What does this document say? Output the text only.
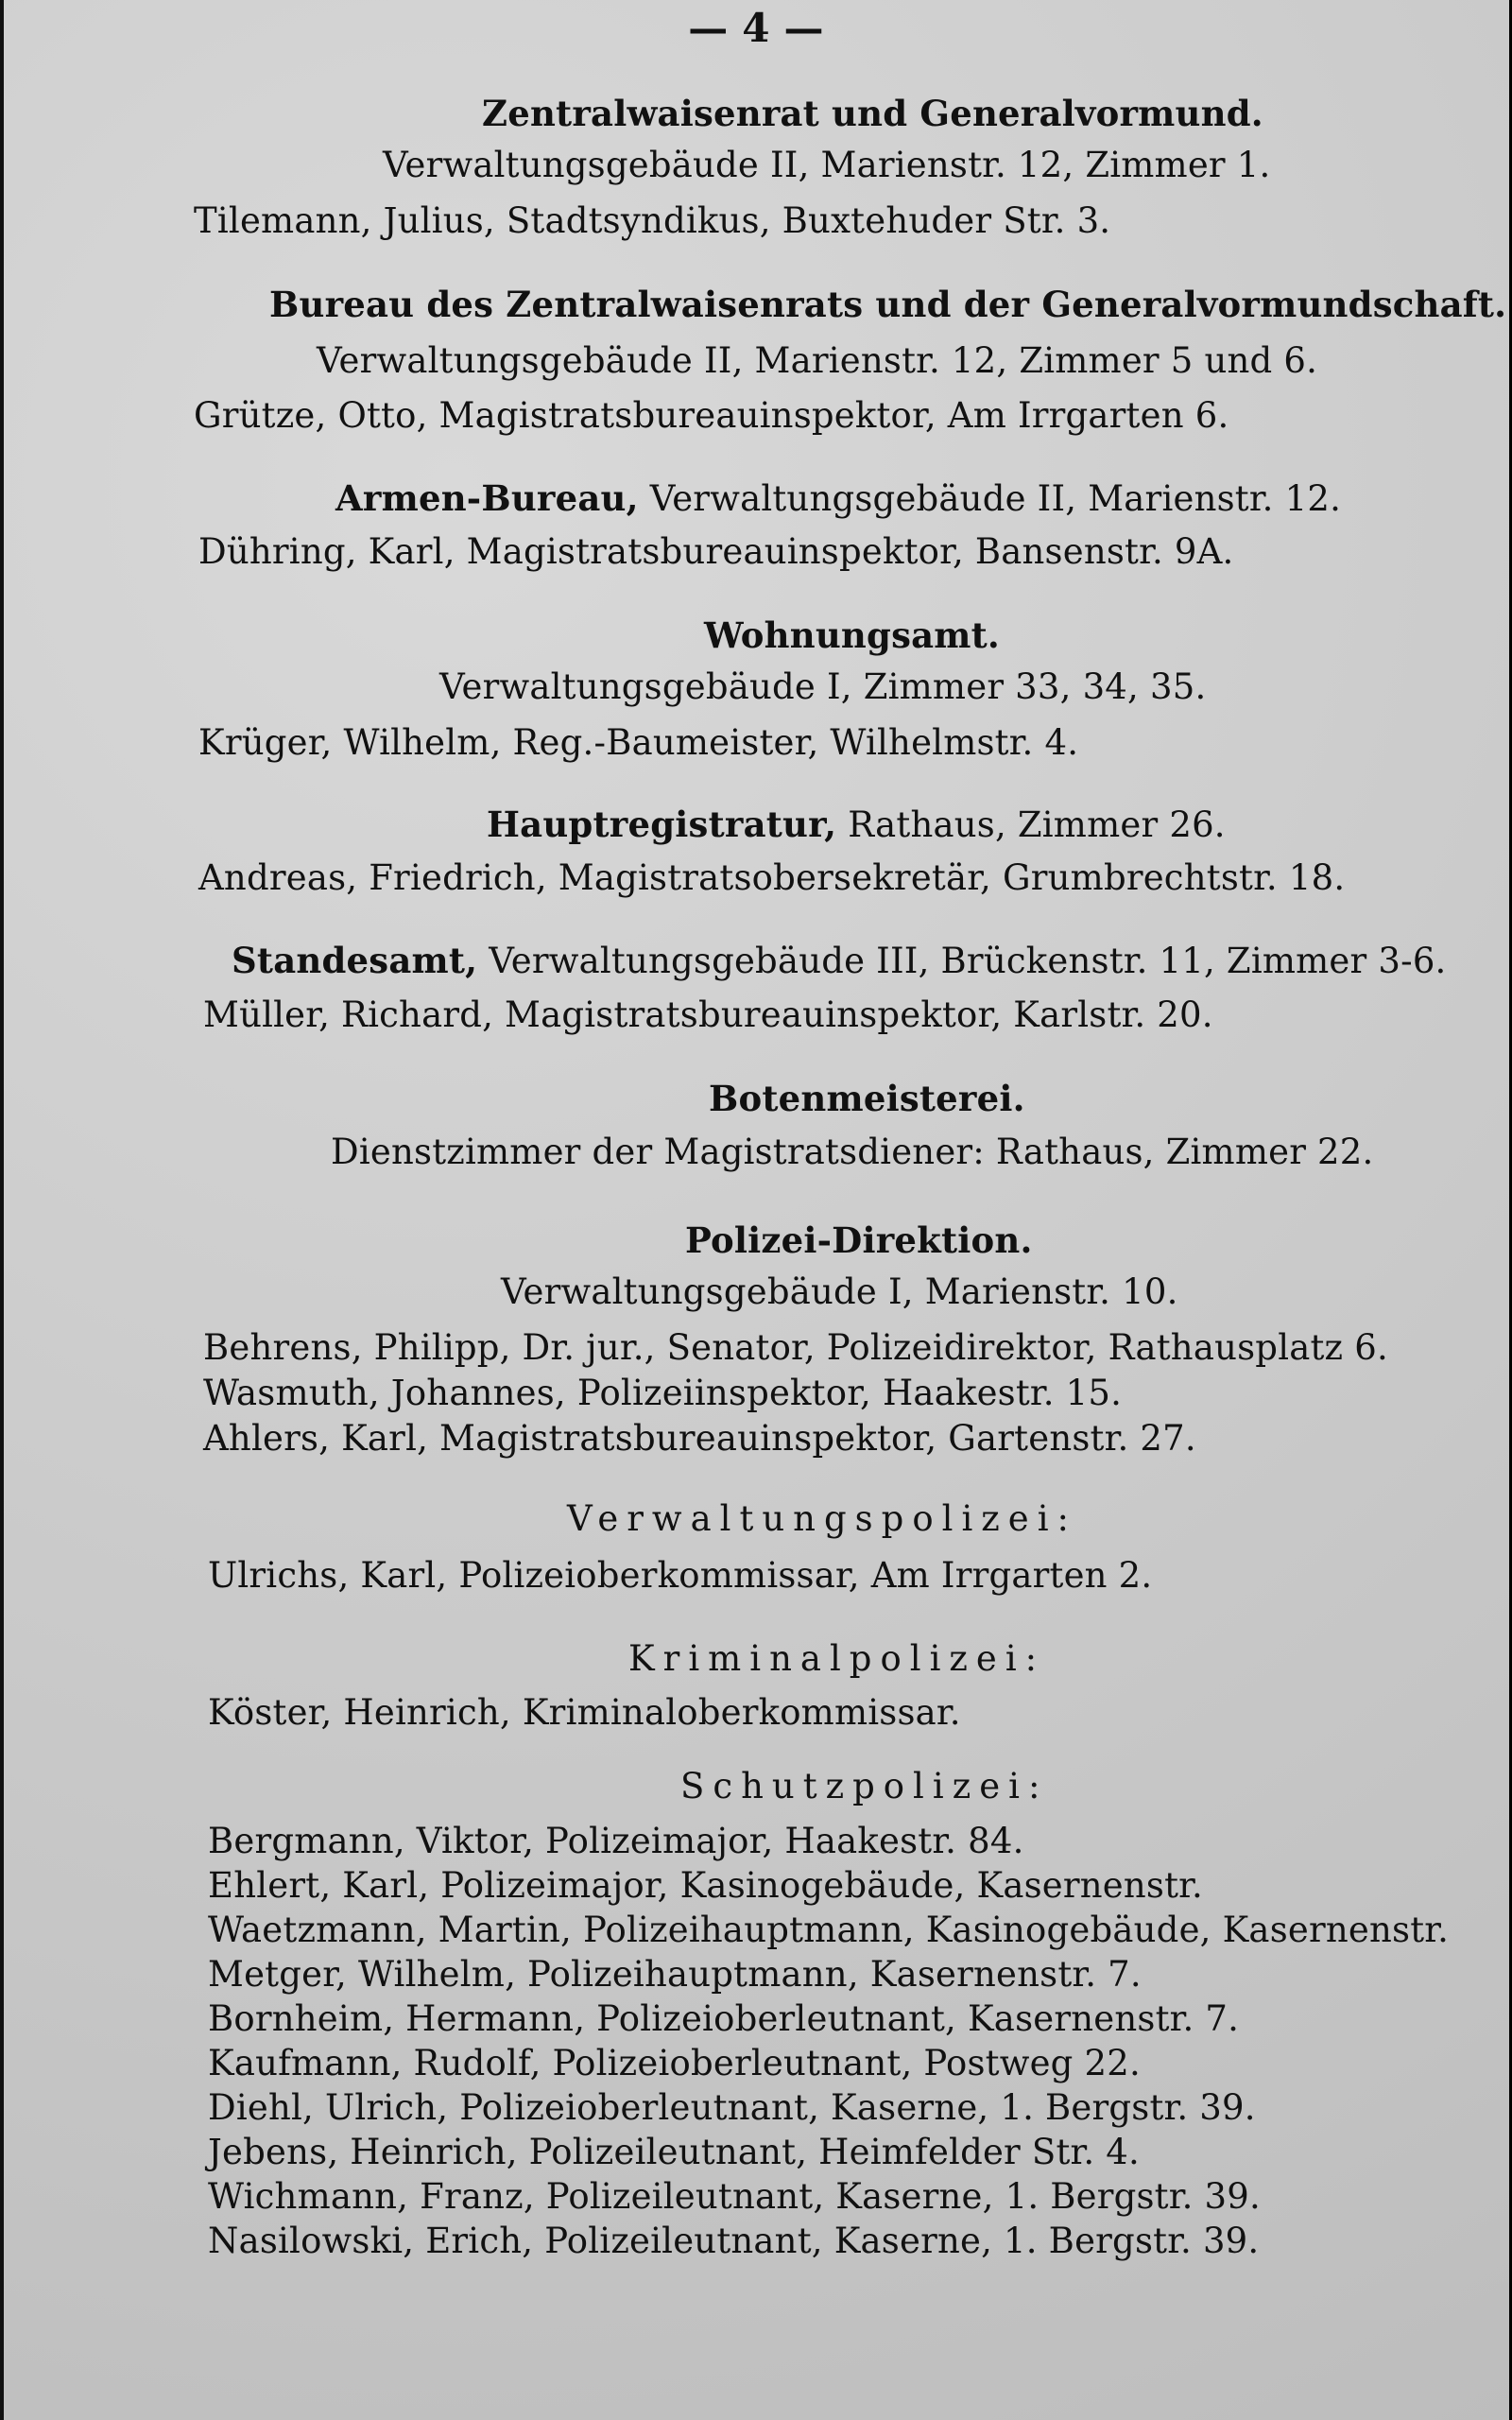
— 4 —
Zentralwaisenrat und Generalvormund.
Verwaltungsgebäude II, Marienstr. 12, Zimmer 1.
Tilemann, Julius, Stadtsyndikus, Buxtehuder Str. 3.
Bureau des Zentralwaisenrats und der Generalvormundschaft.
Verwaltungsgebäude II, Marienstr. 12, Zimmer 5 und 6.
Grütze, Otto, Magistratsbureauinspektor, Am Irrgarten 6.
Armen-Bureau, Verwaltungsgebäude II, Marienstr. 12.
Dühring, Karl, Magistratsbureauinspektor, Bansenstr. 9A.
Wohnungsamt.
Verwaltungsgebäude I, Zimmer 33, 34, 35.
Krüger, Wilhelm, Reg.-Baumeister, Wilhelmstr. 4.
Hauptregistratur, Rathaus, Zimmer 26.
Andreas, Friedrich, Magistratsobersekretär, Grumbrechtstr. 18.
Standesamt, Verwaltungsgebäude III, Brückenstr. 11, Zimmer 3-6.
Müller, Richard, Magistratsbureauinspektor, Karlstr. 20.
Botenmeisterei.
Dienstzimmer der Magistratsdiener: Rathaus, Zimmer 22.
Polizei-Direktion.
Verwaltungsgebäude I, Marienstr. 10.
Behrens, Philipp, Dr. jur., Senator, Polizeidirektor, Rathausplatz 6.
Wasmuth, Johannes, Polizeiinspektor, Haakestr. 15.
Ahlers, Karl, Magistratsbureauinspektor, Gartenstr. 27.
Verwaltungspolizei:
Ulrichs, Karl, Polizeioberkommissar, Am Irrgarten 2.
Kriminalpolizei:
Köster, Heinrich, Kriminaloberkommissar.
Schutzpolizei:
Bergmann, Viktor, Polizeimajor, Haakestr. 84.
Ehlert, Karl, Polizeimajor, Kasinogebäude, Kasernenstr.
Waetzmann, Martin, Polizeihauptmann, Kasinogebäude, Kasernenstr.
Metger, Wilhelm, Polizeihauptmann, Kasernenstr. 7.
Bornheim, Hermann, Polizeioberleutnant, Kasernenstr. 7.
Kaufmann, Rudolf, Polizeioberleutnant, Postweg 22.
Diehl, Ulrich, Polizeioberleutnant, Kaserne, 1. Bergstr. 39.
Jebens, Heinrich, Polizeileutnant, Heimfelder Str. 4.
Wichmann, Franz, Polizeileutnant, Kaserne, 1. Bergstr. 39.
Nasilowski, Erich, Polizeileutnant, Kaserne, 1. Bergstr. 39.
